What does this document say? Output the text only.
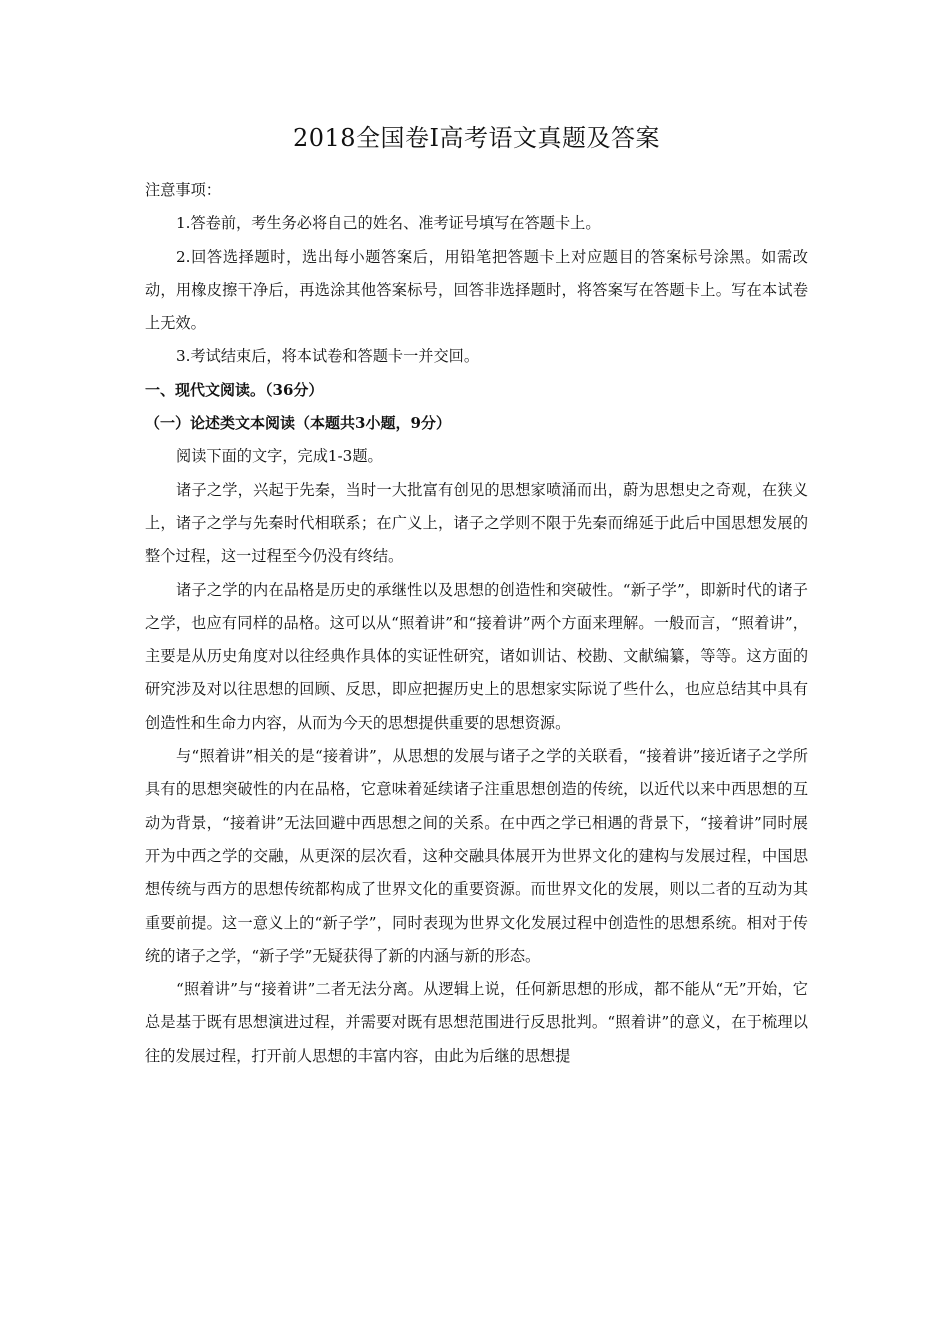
2018全国卷Ⅰ高考语文真题及答案

注意事项：

1.答卷前，考生务必将自己的姓名、准考证号填写在答题卡上。

2.回答选择题时，选出每小题答案后，用铅笔把答题卡上对应题目的答案标号涂黑。如需改动，用橡皮擦干净后，再选涂其他答案标号，回答非选择题时，将答案写在答题卡上。写在本试卷上无效。

3.考试结束后，将本试卷和答题卡一并交回。

一、现代文阅读。（36分）

（一）论述类文本阅读（本题共3小题，9分）

阅读下面的文字，完成1-3题。

诸子之学，兴起于先秦，当时一大批富有创见的思想家喷涌而出，蔚为思想史之奇观，在狭义上，诸子之学与先秦时代相联系；在广义上，诸子之学则不限于先秦而绵延于此后中国思想发展的整个过程，这一过程至今仍没有终结。

诸子之学的内在品格是历史的承继性以及思想的创造性和突破性。“新子学”，即新时代的诸子之学，也应有同样的品格。这可以从“照着讲”和“接着讲”两个方面来理解。一般而言，“照着讲”，主要是从历史角度对以往经典作具体的实证性研究，诸如训诂、校勘、文献编纂，等等。这方面的研究涉及对以往思想的回顾、反思，即应把握历史上的思想家实际说了些什么，也应总结其中具有创造性和生命力内容，从而为今天的思想提供重要的思想资源。

与“照着讲”相关的是“接着讲”，从思想的发展与诸子之学的关联看，“接着讲”接近诸子之学所具有的思想突破性的内在品格，它意味着延续诸子注重思想创造的传统，以近代以来中西思想的互动为背景，“接着讲”无法回避中西思想之间的关系。在中西之学已相遇的背景下，“接着讲”同时展开为中西之学的交融，从更深的层次看，这种交融具体展开为世界文化的建构与发展过程，中国思想传统与西方的思想传统都构成了世界文化的重要资源。而世界文化的发展，则以二者的互动为其重要前提。这一意义上的“新子学”，同时表现为世界文化发展过程中创造性的思想系统。相对于传统的诸子之学，“新子学”无疑获得了新的内涵与新的形态。

“照着讲”与“接着讲”二者无法分离。从逻辑上说，任何新思想的形成，都不能从“无”开始，它总是基于既有思想演进过程，并需要对既有思想范围进行反思批判。“照着讲”的意义，在于梳理以往的发展过程，打开前人思想的丰富内容，由此为后继的思想提
